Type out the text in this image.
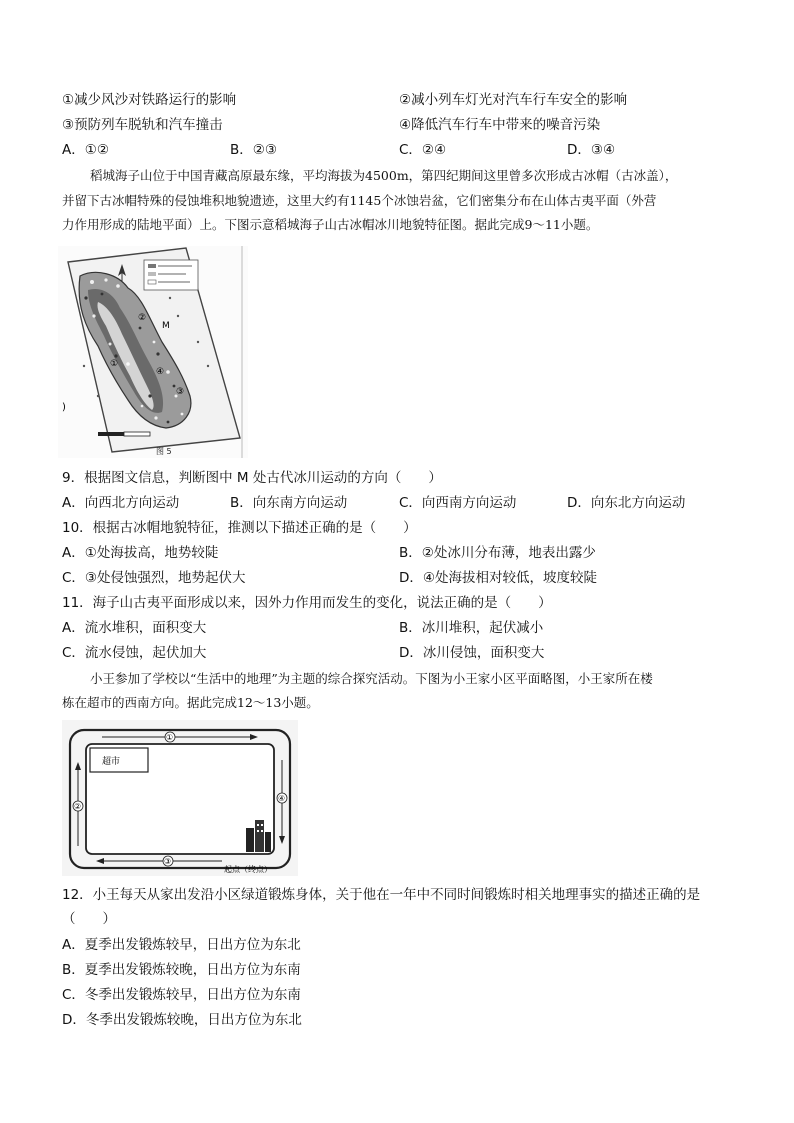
①减少风沙对铁路运行的影响	②减小列车灯光对汽车行车安全的影响
③预防列车脱轨和汽车撞击	④降低汽车行车中带来的噪音污染
A．①②	B．②③	C．②④	D．③④
稻城海子山位于中国青藏高原最东缘，平均海拔为4500m，第四纪期间这里曾多次形成古冰帽（古冰盖），
并留下古冰帽特殊的侵蚀堆积地貌遗迹，这里大约有1145个冰蚀岩盆，它们密集分布在山体古夷平面（外营
力作用形成的陆地平面）上。下图示意稻城海子山古冰帽冰川地貌特征图。据此完成9～11小题。
①
②
③
④
M
)
图 5
9．根据图文信息，判断图中 M 处古代冰川运动的方向（　　）
A．向西北方向运动	B．向东南方向运动	C．向西南方向运动	D．向东北方向运动
10．根据古冰帽地貌特征，推测以下描述正确的是（　　）
A．①处海拔高，地势较陡	B．②处冰川分布薄，地表出露少
C．③处侵蚀强烈，地势起伏大	D．④处海拔相对较低，坡度较陡
11．海子山古夷平面形成以来，因外力作用而发生的变化，说法正确的是（　　）
A．流水堆积，面积变大	B．冰川堆积，起伏减小
C．流水侵蚀，起伏加大	D．冰川侵蚀，面积变大
小王参加了学校以“生活中的地理”为主题的综合探究活动。下图为小王家小区平面略图，小王家所在楼
栋在超市的西南方向。据此完成12～13小题。
超市
①
④
③
②
起点（终点）
12．小王每天从家出发沿小区绿道锻炼身体，关于他在一年中不同时间锻炼时相关地理事实的描述正确的是
（　　）
A．夏季出发锻炼较早，日出方位为东北
B．夏季出发锻炼较晚，日出方位为东南
C．冬季出发锻炼较早，日出方位为东南
D．冬季出发锻炼较晚，日出方位为东北
